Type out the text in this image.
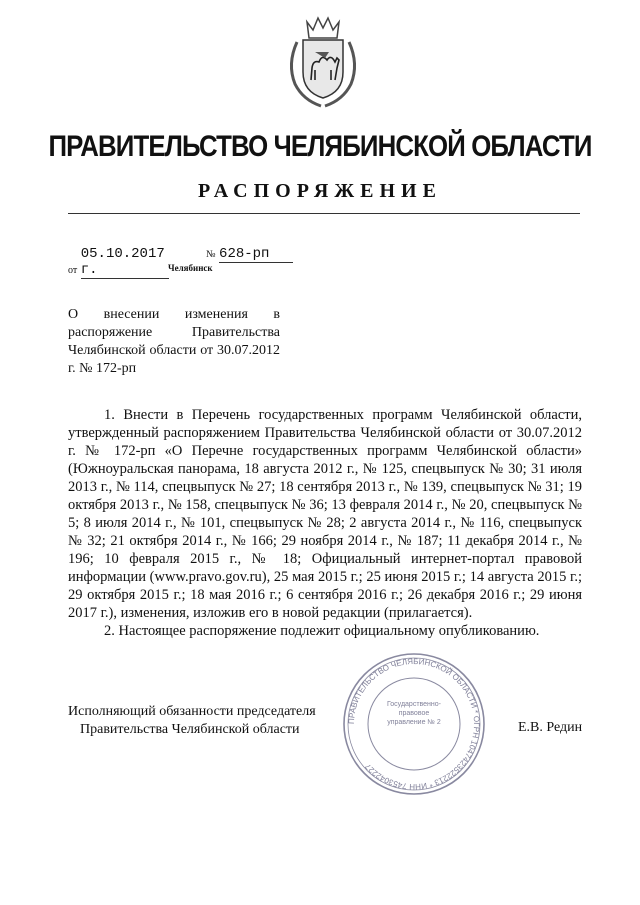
ПРАВИТЕЛЬСТВО ЧЕЛЯБИНСКОЙ ОБЛАСТИ
РАСПОРЯЖЕНИЕ
от 05.10.2017 г.
№ 628-рп
Челябинск
О внесении изменения в распоряжение Правительства Челябинской области от 30.07.2012 г. № 172-рп

1. Внести в Перечень государственных программ Челябинской области, утвержденный распоряжением Правительства Челябинской области от 30.07.2012 г. № 172-рп «О Перечне государственных программ Челябинской области» (Южноуральская панорама, 18 августа 2012 г., № 125, спецвыпуск № 30; 31 июля 2013 г., № 114, спецвыпуск № 27; 18 сентября 2013 г., № 139, спецвыпуск № 31; 19 октября 2013 г., № 158, спецвыпуск № 36; 13 февраля 2014 г., № 20, спецвыпуск № 5; 8 июля 2014 г., № 101, спецвыпуск № 28; 2 августа 2014 г., № 116, спецвыпуск № 32; 21 октября 2014 г., № 166; 29 ноября 2014 г., № 187; 11 декабря 2014 г., № 196; 10 февраля 2015 г., № 18; Официальный интернет-портал правовой информации (www.pravo.gov.ru), 25 мая 2015 г.; 25 июня 2015 г.; 14 августа 2015 г.; 29 октября 2015 г.; 18 мая 2016 г.; 6 сентября 2016 г.; 26 декабря 2016 г.; 29 июня 2017 г.), изменения, изложив его в новой редакции (прилагается).

2. Настоящее распоряжение подлежит официальному опубликованию.

Исполняющий обязанности председателя
Правительства Челябинской области	Е.В. Редин
ПРАВИТЕЛЬСТВО ЧЕЛЯБИНСКОЙ ОБЛАСТИ * ОГРН 1047423522213 * ИНН 7453042227
Государственно-правовое управление № 2
